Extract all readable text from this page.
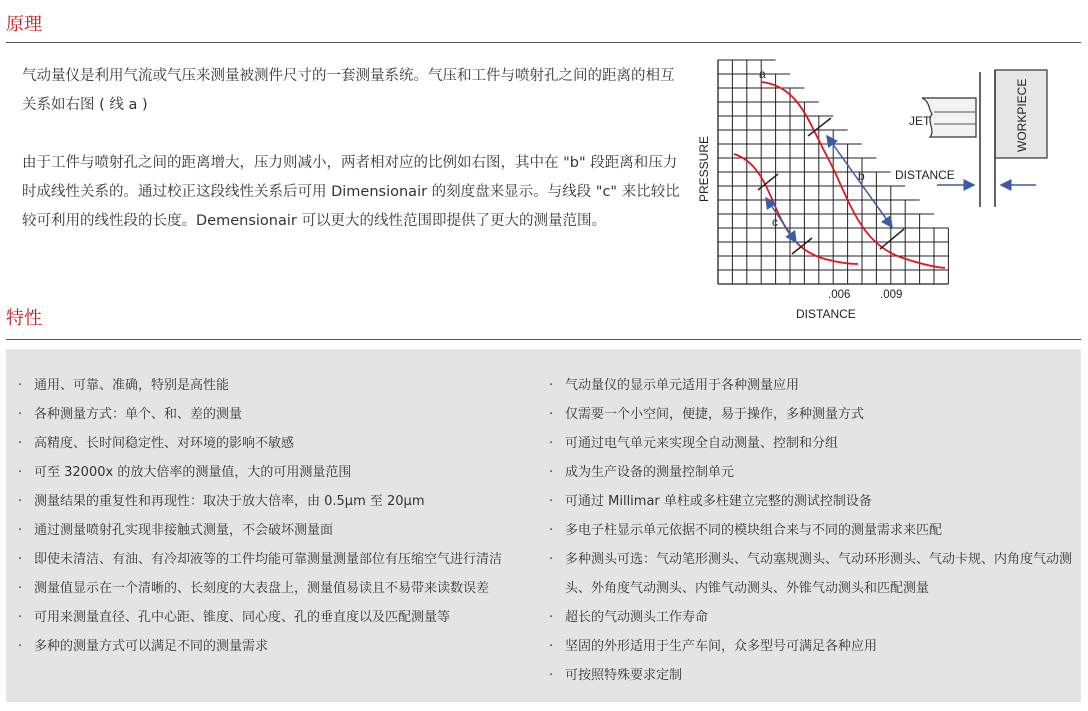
原理
气动量仪是利用气流或气压来测量被测件尺寸的一套测量系统。气压和工件与喷射孔之间的距离的相互关系如右图 ( 线 a )
由于工件与喷射孔之间的距离增大，压力则减小，两者相对应的比例如右图，其中在 "b" 段距离和压力时成线性关系的。通过校正这段线性关系后可用 Dimensionair 的刻度盘来显示。与线段 "c" 来比较比较可利用的线性段的长度。Demensionair 可以更大的线性范围即提供了更大的测量范围。
a
b
c
PRESSURE
.006	.009
DISTANCE
JET	WORKPIECE
DISTANCE
特性
· 通用、可靠、准确，特别是高性能
· 各种测量方式：单个、和、差的测量
· 高精度、长时间稳定性、对环境的影响不敏感
· 可至 32000x 的放大倍率的测量值，大的可用测量范围
· 测量结果的重复性和再现性：取决于放大倍率，由 0.5μm 至 20μm
· 通过测量喷射孔实现非接触式测量，不会破坏测量面
· 即使未清洁、有油、有冷却液等的工件均能可靠测量测量部位有压缩空气进行清洁
· 测量值显示在一个清晰的、长刻度的大表盘上，测量值易读且不易带来读数误差
· 可用来测量直径、孔中心距、锥度、同心度、孔的垂直度以及匹配测量等
· 多种的测量方式可以满足不同的测量需求
· 气动量仪的显示单元适用于各种测量应用
· 仅需要一个小空间，便捷，易于操作，多种测量方式
· 可通过电气单元来实现全自动测量、控制和分组
· 成为生产设备的测量控制单元
· 可通过 Millimar 单柱或多柱建立完整的测试控制设备
· 多电子柱显示单元依据不同的模块组合来与不同的测量需求来匹配
· 多种测头可选：气动笔形测头、气动塞规测头、气动环形测头、气动卡规、内角度气动测头、外角度气动测头、内锥气动测头、外锥气动测头和匹配测量
· 超长的气动测头工作寿命
· 坚固的外形适用于生产车间，众多型号可满足各种应用
· 可按照特殊要求定制
